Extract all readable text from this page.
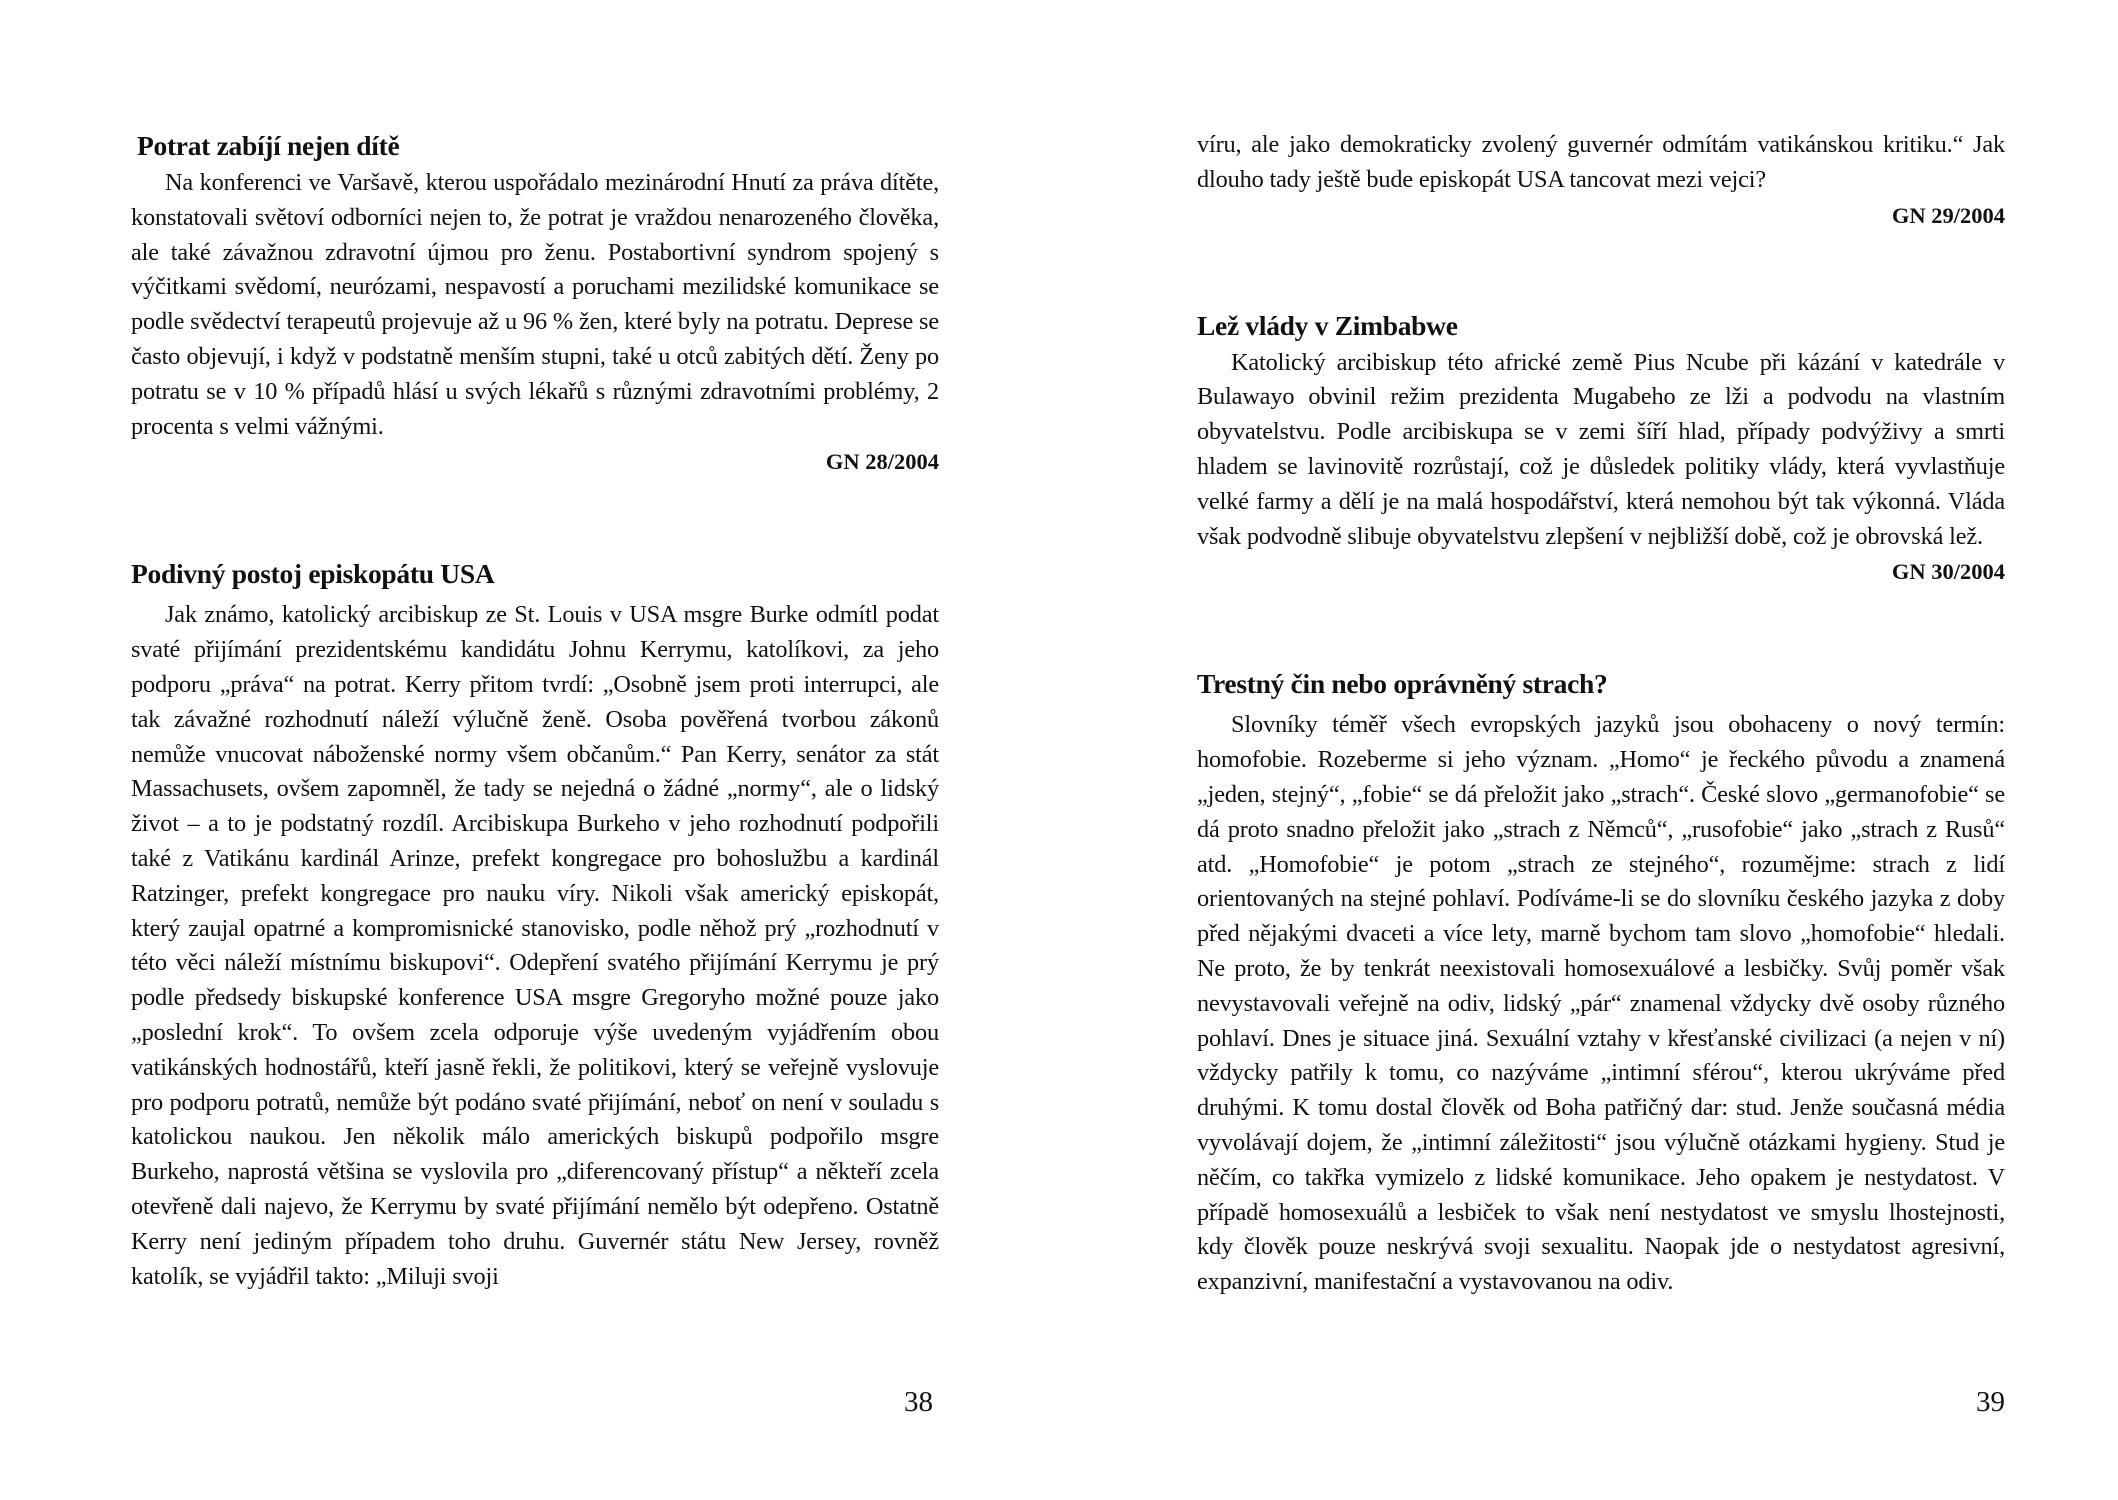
Potrat zabíjí nejen dítě

Na konferenci ve Varšavě, kterou uspořádalo mezinárodní Hnutí za práva dítěte, konstatovali světoví odborníci nejen to, že potrat je vraždou nenarozeného člověka, ale také závažnou zdravotní újmou pro ženu. Postabortivní syndrom spojený s výčitkami svědomí, neurózami, nespavostí a poruchami mezilidské komunikace se podle svědectví terapeutů projevuje až u 96 % žen, které byly na potratu. Deprese se často objevují, i když v podstatně menším stupni, také u otců zabitých dětí. Ženy po potratu se v 10 % případů hlásí u svých lékařů s různými zdravotními problémy, 2 procenta s velmi vážnými.

GN 28/2004
Podivný postoj episkopátu USA

Jak známo, katolický arcibiskup ze St. Louis v USA msgre Burke odmítl podat svaté přijímání prezidentskému kandidátu Johnu Kerrymu, katolíkovi, za jeho podporu „práva“ na potrat. Kerry přitom tvrdí: „Osobně jsem proti interrupci, ale tak závažné rozhodnutí náleží výlučně ženě. Osoba pověřená tvorbou zákonů nemůže vnucovat náboženské normy všem občanům.“ Pan Kerry, senátor za stát Massachusets, ovšem zapomněl, že tady se nejedná o žádné „normy“, ale o lidský život – a to je podstatný rozdíl. Arcibiskupa Burkeho v jeho rozhodnutí podpořili také z Vatikánu kardinál Arinze, prefekt kongregace pro bohoslužbu a kardinál Ratzinger, prefekt kongregace pro nauku víry. Nikoli však americký episkopát, který zaujal opatrné a kompromisnické stanovisko, podle něhož prý „rozhodnutí v této věci náleží místnímu biskupovi“. Odepření svatého přijímání Kerrymu je prý podle předsedy biskupské konference USA msgre Gregoryho možné pouze jako „poslední krok“. To ovšem zcela odporuje výše uvedeným vyjádřením obou vatikánských hodnostářů, kteří jasně řekli, že politikovi, který se veřejně vyslovuje pro podporu potratů, nemůže být podáno svaté přijímání, neboť on není v souladu s katolickou naukou. Jen několik málo amerických biskupů podpořilo msgre Burkeho, naprostá většina se vyslovila pro „diferencovaný přístup“ a někteří zcela otevřeně dali najevo, že Kerrymu by svaté přijímání nemělo být odepřeno. Ostatně Kerry není jediným případem toho druhu. Guvernér státu New Jersey, rovněž katolík, se vyjádřil takto: „Miluji svoji

38

víru, ale jako demokraticky zvolený guvernér odmítám vatikánskou kritiku.“ Jak dlouho tady ještě bude episkopát USA tancovat mezi vejci?

GN 29/2004
Lež vlády v Zimbabwe

Katolický arcibiskup této africké země Pius Ncube při kázání v katedrále v Bulawayo obvinil režim prezidenta Mugabeho ze lži a podvodu na vlastním obyvatelstvu. Podle arcibiskupa se v zemi šíří hlad, případy podvýživy a smrti hladem se lavinovitě rozrůstají, což je důsledek politiky vlády, která vyvlastňuje velké farmy a dělí je na malá hospodářství, která nemohou být tak výkonná. Vláda však podvodně slibuje obyvatelstvu zlepšení v nejbližší době, což je obrovská lež.

GN 30/2004
Trestný čin nebo oprávněný strach?

Slovníky téměř všech evropských jazyků jsou obohaceny o nový termín: homofobie. Rozeberme si jeho význam. „Homo“ je řeckého původu a znamená „jeden, stejný“, „fobie“ se dá přeložit jako „strach“. České slovo „germanofobie“ se dá proto snadno přeložit jako „strach z Němců“, „rusofobie“ jako „strach z Rusů“ atd. „Homofobie“ je potom „strach ze stejného“, rozumějme: strach z lidí orientovaných na stejné pohlaví. Podíváme-li se do slovníku českého jazyka z doby před nějakými dvaceti a více lety, marně bychom tam slovo „homofobie“ hledali. Ne proto, že by tenkrát neexistovali homosexuálové a lesbičky. Svůj poměr však nevystavovali veřejně na odiv, lidský „pár“ znamenal vždycky dvě osoby různého pohlaví. Dnes je situace jiná. Sexuální vztahy v křesťanské civilizaci (a nejen v ní) vždycky patřily k tomu, co nazýváme „intimní sférou“, kterou ukrýváme před druhými. K tomu dostal člověk od Boha patřičný dar: stud. Jenže současná média vyvolávají dojem, že „intimní záležitosti“ jsou výlučně otázkami hygieny. Stud je něčím, co takřka vymizelo z lidské komunikace. Jeho opakem je nestydatost. V případě homosexuálů a lesbiček to však není nestydatost ve smyslu lhostejnosti, kdy člověk pouze neskrývá svoji sexualitu. Naopak jde o nestydatost agresivní, expanzivní, manifestační a vystavovanou na odiv.

39
